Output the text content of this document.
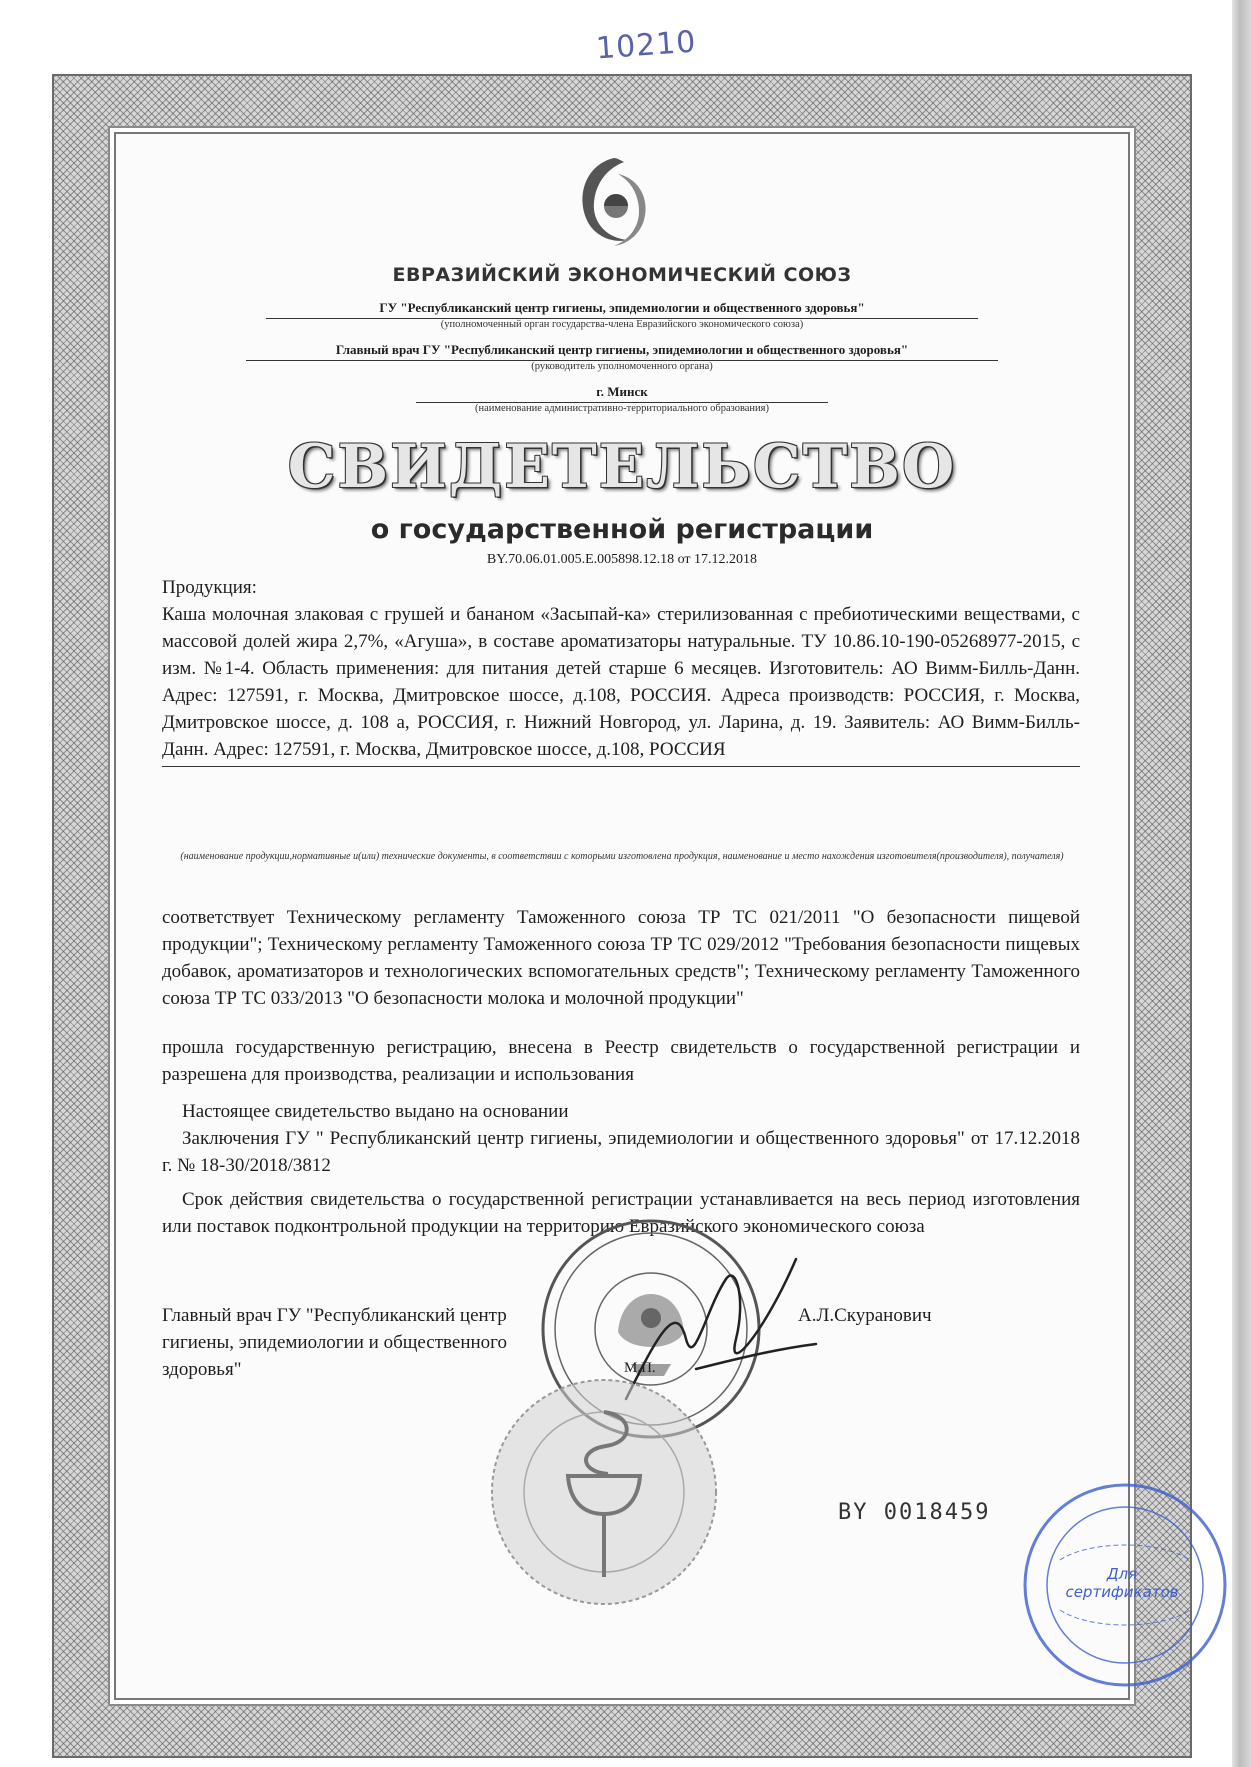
10210
ЕВРАЗИЙСКИЙ ЭКОНОМИЧЕСКИЙ СОЮЗ
ГУ "Республиканский центр гигиены, эпидемиологии и общественного здоровья"
(уполномоченный орган государства-члена Евразийского экономического союза)
Главный врач ГУ "Республиканский центр гигиены, эпидемиологии и общественного здоровья"
(руководитель уполномоченного органа)
г. Минск
(наименование административно-территориального образования)
СВИДЕТЕЛЬСТВО
о государственной регистрации
BY.70.06.01.005.Е.005898.12.18 от 17.12.2018
Продукция:
Каша молочная злаковая с грушей и бананом «Засыпай-ка» стерилизованная с пребиотическими веществами, с массовой долей жира 2,7%, «Агуша», в составе ароматизаторы натуральные. ТУ 10.86.10-190-05268977-2015, с изм. №1-4. Область применения: для питания детей старше 6 месяцев. Изготовитель: АО Вимм-Билль-Данн. Адрес: 127591, г. Москва, Дмитровское шоссе, д.108, РОССИЯ. Адреса производств: РОССИЯ, г. Москва, Дмитровское шоссе, д. 108 а, РОССИЯ, г. Нижний Новгород, ул. Ларина, д. 19. Заявитель: АО Вимм-Билль-Данн. Адрес: 127591, г. Москва, Дмитровское шоссе, д.108, РОССИЯ
(наименование продукции,нормативные и(или) технические документы, в соответствии с которыми изготовлена продукция, наименование и место нахождения изготовителя(производителя), получателя)
соответствует Техническому регламенту Таможенного союза ТР ТС 021/2011 "О безопасности пищевой продукции"; Техническому регламенту Таможенного союза ТР ТС 029/2012 "Требования безопасности пищевых добавок, ароматизаторов и технологических вспомогательных средств"; Техническому регламенту Таможенного союза ТР ТС 033/2013 "О безопасности молока и молочной продукции"
прошла государственную регистрацию, внесена в Реестр свидетельств о государственной регистрации и разрешена для производства, реализации и использования
Настоящее свидетельство выдано на основании
Заключения ГУ " Республиканский центр гигиены, эпидемиологии и общественного здоровья" от 17.12.2018 г. № 18-30/2018/3812
Срок действия свидетельства о государственной регистрации устанавливается на весь период изготовления или поставок подконтрольной продукции на территорию Евразийского экономического союза
Главный врач ГУ "Республиканский центр гигиены, эпидемиологии и общественного здоровья"
А.Л.Скуранович
М.П.
BY 0018459
Для сертификатов
